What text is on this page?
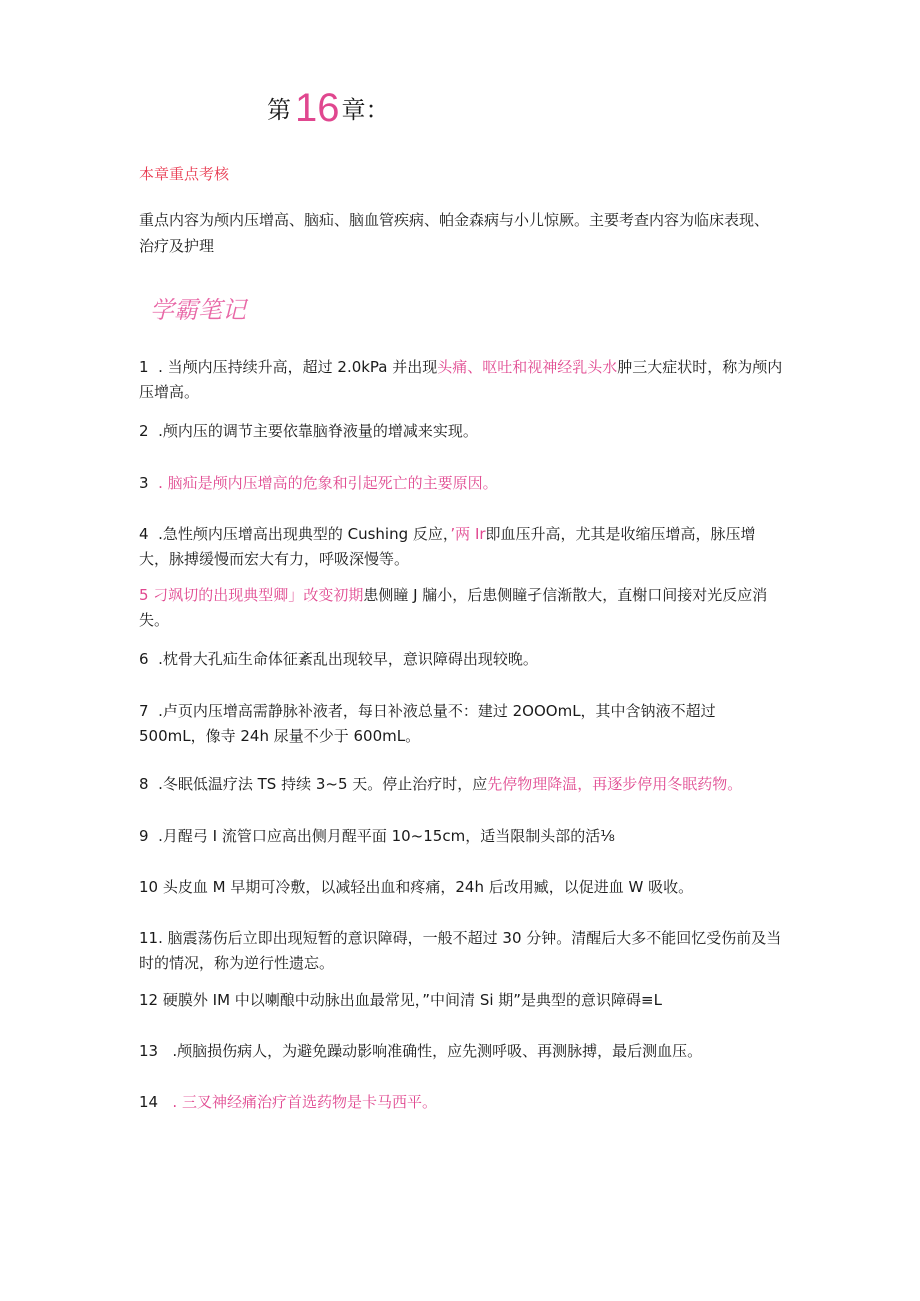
第 16章：
本章重点考核
重点内容为颅内压增高、脑疝、脑血管疾病、帕金森病与小儿惊厥。主要考查内容为临床表现、治疗及护理
学霸笔记

1  . 当颅内压持续升高，超过 2.0kPa 并出现头痛、呕吐和视神经乳头水肿三大症状时，称为颅内压增高。

2  .颅内压的调节主要依靠脑脊液量的增减来实现。

3  . 脑疝是颅内压增高的危象和引起死亡的主要原因。

4  .急性颅内压增高出现典型的 Cushing 反应，’两 Ir即血压升高，尤其是收缩压增高，脉压增大，脉搏缓慢而宏大有力，呼吸深慢等。

5 刁飒切的出现典型卿」改变初期患侧瞳 J 牖小，后患侧瞳孑信渐散大，直榭口间接对光反应消失。

6  .枕骨大孔疝生命体征紊乱出现较早，意识障碍出现较晚。

7  .卢页内压增高需静脉补液者，每日补液总量不：建过 2OOOmL，其中含钠液不超过 500mL，像寺 24h 尿量不少于 600mL。

8  .冬眠低温疗法 TS 持续 3~5 天。停止治疗时，应先停物理降温，再逐步停用冬眠药物。

9  .月酲弓 I 流管口应高出侧月酲平面 10~15cm，适当限制头部的活⅛

10 头皮血 M 早期可冷敷，以减轻出血和疼痛，24h 后改用臧，以促进血 W 吸收。

11. 脑震荡伤后立即出现短暂的意识障碍，一般不超过 30 分钟。清醒后大多不能回忆受伤前及当时的情况，称为逆行性遗忘。

12 硬膜外 IM 中以喇酿中动脉出血最常见，”中间清 Si 期”是典型的意识障碍≡L

13   .颅脑损伤病人，为避免躁动影响准确性，应先测呼吸、再测脉搏，最后测血压。

14   . 三叉神经痛治疗首选药物是卡马西平。
